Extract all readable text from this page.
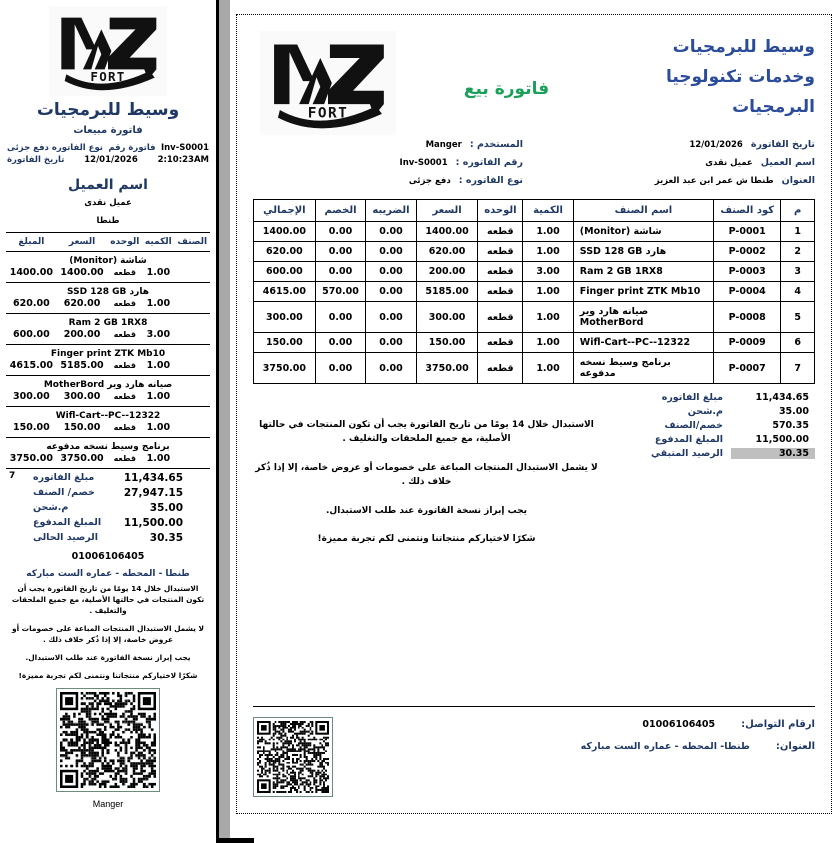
FORT
وسيط للبرمجيات
فاتورة مبيعات
Inv-S0001
فاتورة رقم
نوع الفاتوره دفع جزئى
2:10:23AM
12/01/2026
تاريخ الفاتورة
اسم العميل
عميل نقدى
طنطا
الصنف	الكميه	الوحده	السعر	المبلغ
شاشة (Monitor)				
	1.00	قطعه	1400.00	1400.00

هارد SSD 128 GB				
	1.00	قطعه	620.00	620.00

Ram 2 GB 1RX8				
	3.00	قطعه	200.00	600.00

Finger print ZTK Mb10				
	1.00	قطعه	5185.00	4615.00

صيانه هارد وير MotherBord				
	1.00	قطعه	300.00	300.00

Wifl-Cart--PC--12322				
	1.00	قطعه	150.00	150.00

برنامج وسيط نسخه مدفوعه				
	1.00	قطعه	3750.00	3750.00

7	11,434.65
مبلغ الفاتوره
27,947.15
خصم/ الصنف
35.00
م.شحن
11,500.00
المبلغ المدفوع
30.35
الرصيد الحالى
01006106405
طنطا - المحطه - عماره الست مباركه

الاستبدال خلال 14 يومًا من تاريخ الفاتورة يجب أن تكون المنتجات في حالتها الأصلية، مع جميع الملحقات والتغليف .

لا يشمل الاستبدال المنتجات المباعة على خصومات أو عروض خاصة، إلا إذا ذُكر خلاف ذلك .

يجب إبراز نسخة الفاتورة عند طلب الاستبدال.

شكرًا لاختياركم منتجاتنا ونتمنى لكم تجربة مميزة!

Manger
وسيط للبرمجيات
وخدمات تكنولوجيا
البرمجيات
فاتورة بيع
FORT
تاريخ الفاتورة
12/01/2026
اسم العميل
عميل نقدى
العنوان
طنطا ش عمر ابن عبد العزيز
المستخدم :
Manger
رقم الفاتوره :
Inv-S0001
نوع الفاتوره :
دفع جزئى
م	كود الصنف	اسم الصنف	الكمية	الوحده	السعر	الضريبه	الخصم	الإجمالي
1	P-0001	شاشة (Monitor)	1.00	قطعه	1400.00	0.00	0.00	1400.00
2	P-0002	هارد SSD 128 GB	1.00	قطعه	620.00	0.00	0.00	620.00
3	P-0003	Ram 2 GB 1RX8	3.00	قطعه	200.00	0.00	0.00	600.00
4	P-0004	Finger print ZTK Mb10	1.00	قطعه	5185.00	0.00	570.00	4615.00
5	P-0008	صيانه هارد وير MotherBord	1.00	قطعه	300.00	0.00	0.00	300.00
6	P-0009	Wifl-Cart--PC--12322	1.00	قطعه	150.00	0.00	0.00	150.00
7	P-0007	برنامج وسيط نسخه مدفوعه	1.00	قطعه	3750.00	0.00	0.00	3750.00
11,434.65
مبلغ الفاتوره
35.00
م.شحن
570.35
خصم/الصنف
11,500.00
المبلغ المدفوع
30.35
الرصيد المتبقي

الاستبدال خلال 14 يومًا من تاريخ الفاتورة يجب أن تكون المنتجات في حالتها الأصلية، مع جميع الملحقات والتغليف .

لا يشمل الاستبدال المنتجات المباعة على خصومات أو عروض خاصة، إلا إذا ذُكر خلاف ذلك .

يجب إبراز نسخة الفاتورة عند طلب الاستبدال.

شكرًا لاختياركم منتجاتنا ونتمنى لكم تجربة مميزة!

ارقام التواصل:
01006106405
العنوان:
طنطا- المحطه - عماره الست مباركه
